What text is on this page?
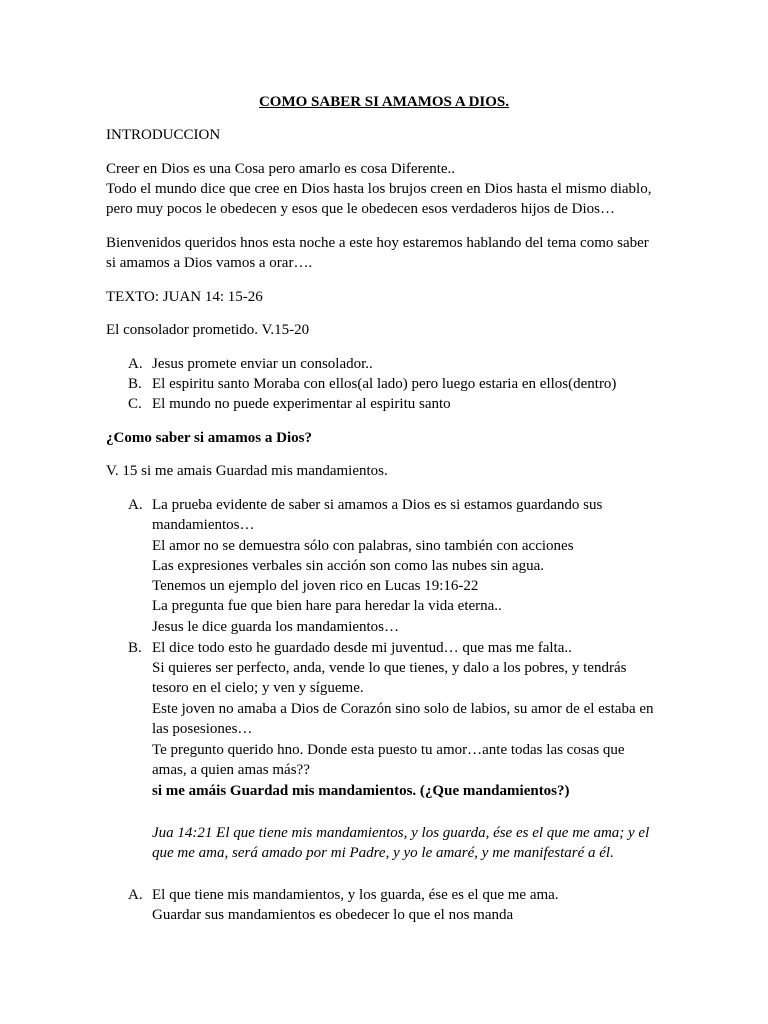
COMO SABER SI AMAMOS A DIOS.
INTRODUCCION
Creer en Dios es una Cosa pero amarlo es cosa Diferente..
Todo el mundo dice que cree en Dios hasta los brujos creen en Dios hasta el mismo diablo,
pero muy pocos le obedecen y esos que le obedecen esos verdaderos hijos de Dios…
Bienvenidos queridos hnos esta noche a este hoy estaremos hablando del tema como saber
si amamos a Dios vamos a orar….
TEXTO: JUAN 14: 15-26
El consolador prometido. V.15-20
A. Jesus promete enviar un consolador..
B. El espiritu santo Moraba con ellos(al lado) pero luego estaria en ellos(dentro)
C. El mundo no puede experimentar al espiritu santo
¿Como saber si amamos a Dios?
V. 15 si me amais Guardad mis mandamientos.
A. La prueba evidente de saber si amamos a Dios es si estamos guardando sus
mandamientos…
El amor no se demuestra sólo con palabras, sino también con acciones
Las expresiones verbales sin acción son como las nubes sin agua.
Tenemos un ejemplo del joven rico en Lucas 19:16-22
La pregunta fue que bien hare para heredar la vida eterna..
Jesus le dice guarda los mandamientos…
B. El dice todo esto he guardado desde mi juventud… que mas me falta..
Si quieres ser perfecto, anda, vende lo que tienes, y dalo a los pobres, y tendrás
tesoro en el cielo; y ven y sígueme.
Este joven no amaba a Dios de Corazón sino solo de labios, su amor de el estaba en
las posesiones…
Te pregunto querido hno. Donde esta puesto tu amor…ante todas las cosas que
amas, a quien amas más??
si me amáis Guardad mis mandamientos. (¿Que mandamientos?)
Jua 14:21 El que tiene mis mandamientos, y los guarda, ése es el que me ama; y el
que me ama, será amado por mi Padre, y yo le amaré, y me manifestaré a él.
A. El que tiene mis mandamientos, y los guarda, ése es el que me ama.
Guardar sus mandamientos es obedecer lo que el nos manda
